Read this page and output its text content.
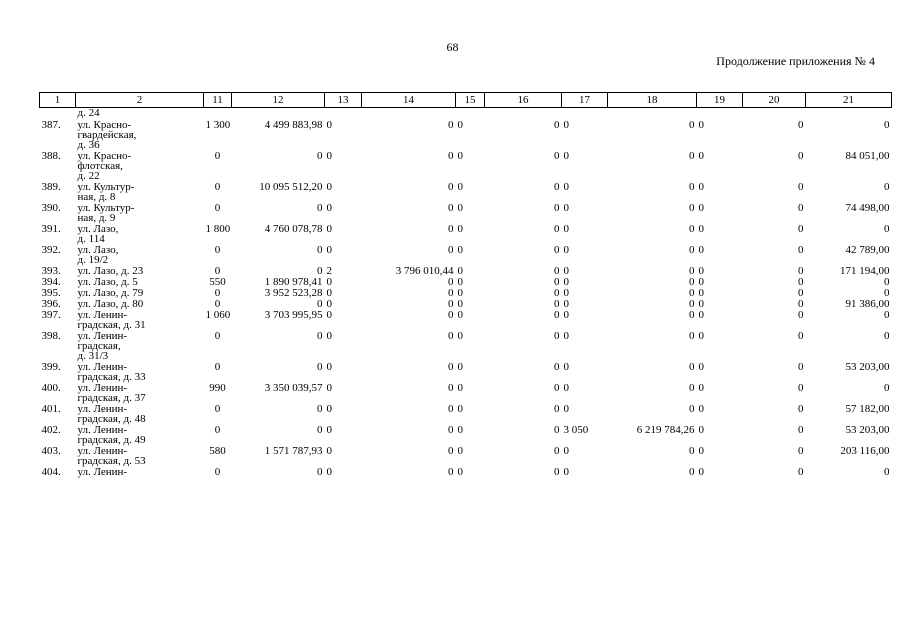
68
Продолжение приложения № 4
1	2	11	12	13	14	15	16	17	18	19	20	21
	д. 24											
387.	ул. Красно-
гвардейская,
д. 36	1 300	4 499 883,98	0	0	0	0	0	0	0	0	0
388.	ул. Красно-
флотская,
д. 22	0	0	0	0	0	0	0	0	0	0	84 051,00
389.	ул. Культур-
ная, д. 8	0	10 095 512,20	0	0	0	0	0	0	0	0	0
390.	ул. Культур-
ная, д. 9	0	0	0	0	0	0	0	0	0	0	74 498,00
391.	ул. Лазо,
д. 114	1 800	4 760 078,78	0	0	0	0	0	0	0	0	0
392.	ул. Лазо,
д. 19/2	0	0	0	0	0	0	0	0	0	0	42 789,00
393.	ул. Лазо, д. 23	0	0	2	3 796 010,44	0	0	0	0	0	0	171 194,00
394.	ул. Лазо, д. 5	550	1 890 978,41	0	0	0	0	0	0	0	0	0
395.	ул. Лазо, д. 79	0	3 952 523,28	0	0	0	0	0	0	0	0	0
396.	ул. Лазо, д. 80	0	0	0	0	0	0	0	0	0	0	91 386,00
397.	ул. Ленин-
градская, д. 31	1 060	3 703 995,95	0	0	0	0	0	0	0	0	0
398.	ул. Ленин-
градская,
д. 31/3	0	0	0	0	0	0	0	0	0	0	0
399.	ул. Ленин-
градская, д. 33	0	0	0	0	0	0	0	0	0	0	53 203,00
400.	ул. Ленин-
градская, д. 37	990	3 350 039,57	0	0	0	0	0	0	0	0	0
401.	ул. Ленин-
градская, д. 48	0	0	0	0	0	0	0	0	0	0	57 182,00
402.	ул. Ленин-
градская, д. 49	0	0	0	0	0	0	3 050	6 219 784,26	0	0	53 203,00
403.	ул. Ленин-
градская, д. 53	580	1 571 787,93	0	0	0	0	0	0	0	0	203 116,00
404.	ул. Ленин-	0	0	0	0	0	0	0	0	0	0	0
